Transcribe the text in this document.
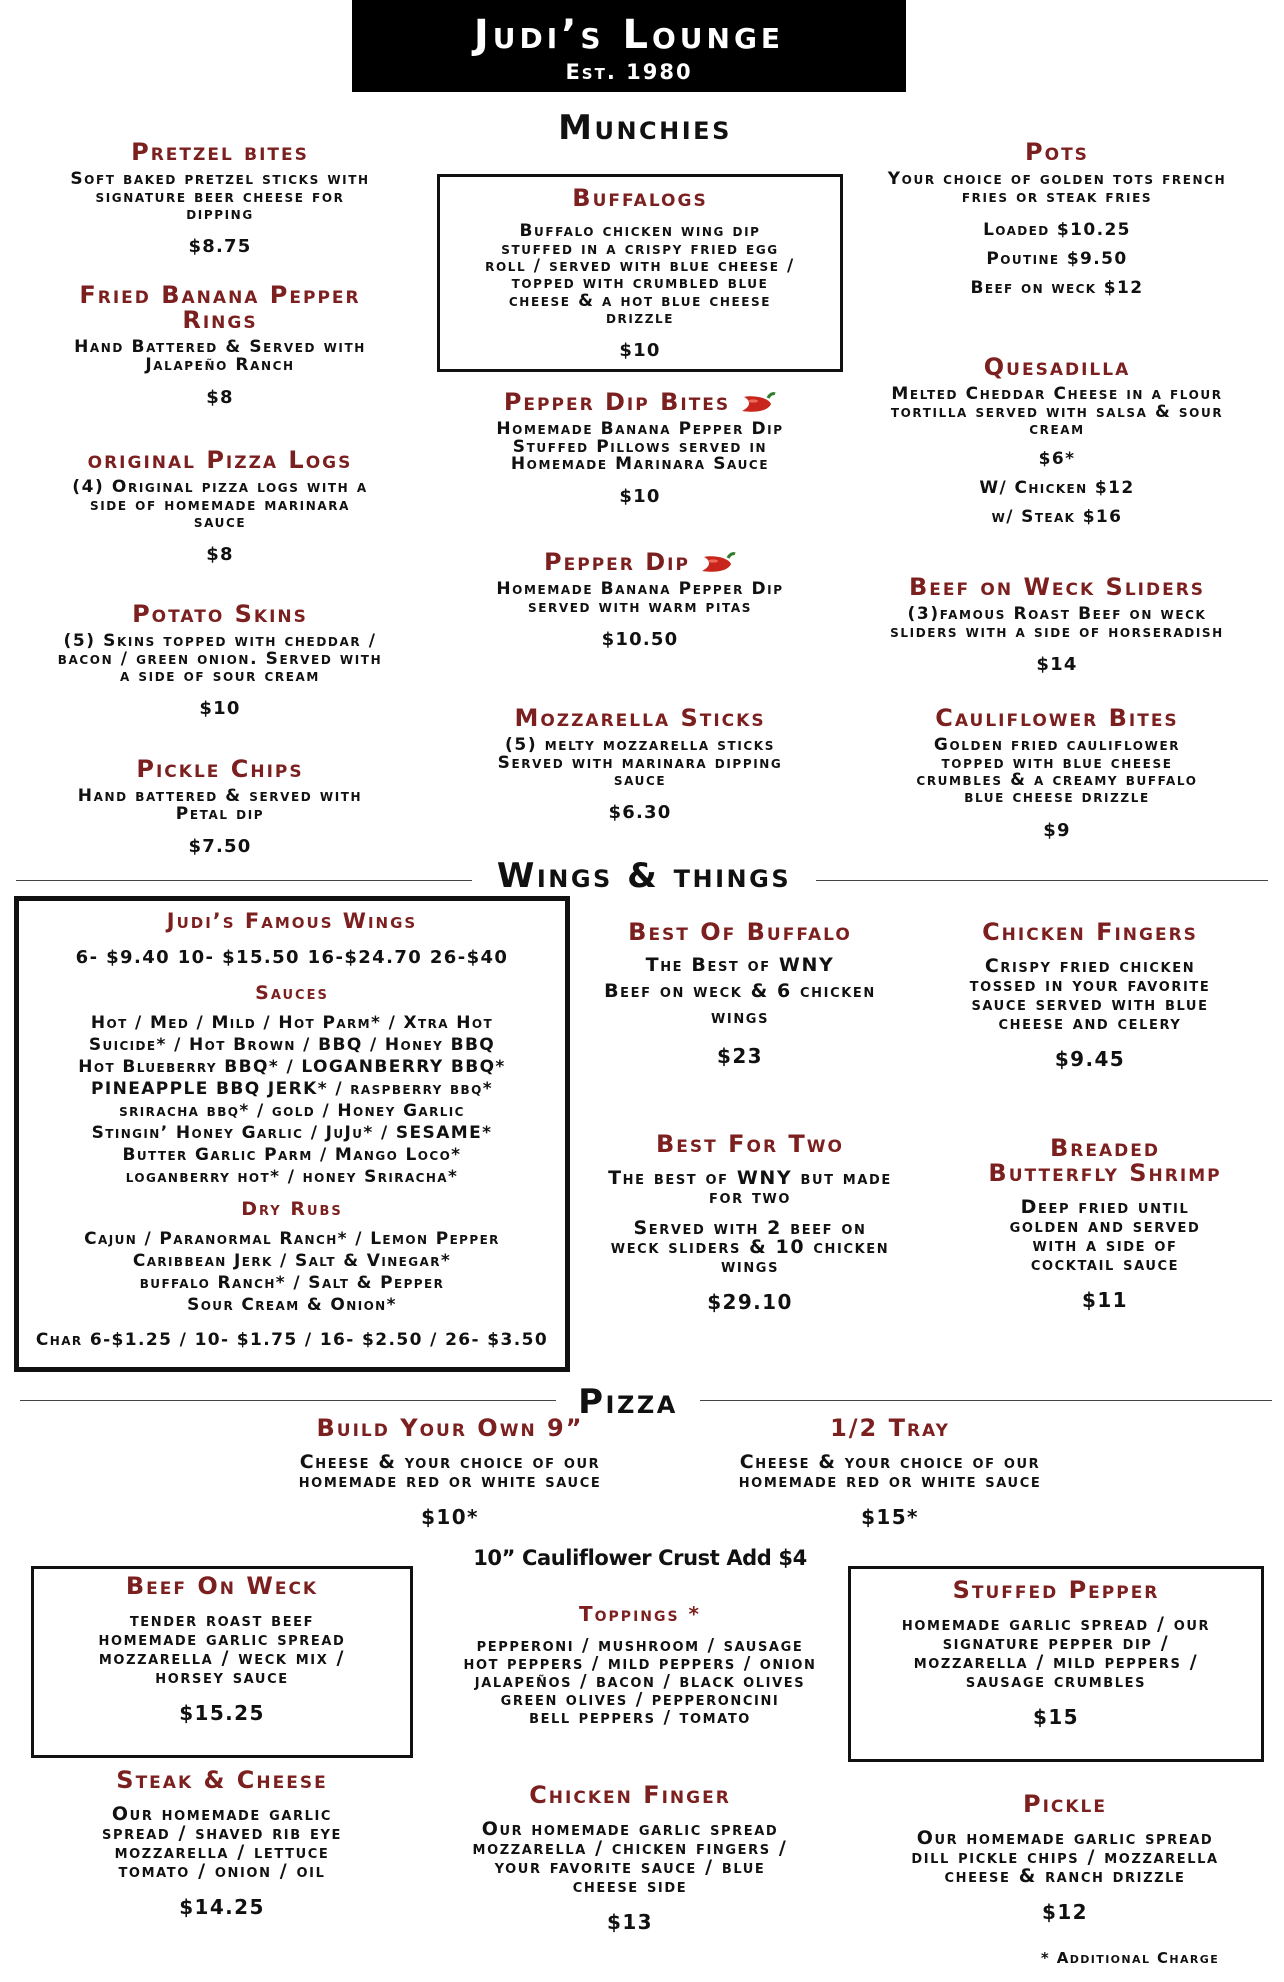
Judi’s Lounge
Est. 1980
Munchies
Pretzel bites
Soft baked pretzel sticks with
signature beer cheese for
dipping
$8.75
Fried Banana Pepper
Rings
Hand Battered & Served with
Jalapeño Ranch
$8
original Pizza Logs
(4) Original pizza logs with a
side of homemade marinara
sauce
$8
Potato Skins
(5) Skins topped with cheddar /
bacon / green onion. Served with
a side of sour cream
$10
Pickle Chips
Hand battered & served with
Petal dip
$7.50
Buffalogs
Buffalo chicken wing dip
stuffed in a crispy fried egg
roll / served with blue cheese /
topped with crumbled blue
cheese & a hot blue cheese
drizzle
$10
Pepper Dip Bites
Homemade Banana Pepper Dip
Stuffed Pillows served in
Homemade Marinara Sauce
$10
Pepper Dip
Homemade Banana Pepper Dip
served with warm pitas
$10.50
Mozzarella Sticks
(5) melty mozzarella sticks
Served with marinara dipping
sauce
$6.30
Pots
Your choice of golden tots french
fries or steak fries
Loaded $10.25
Poutine $9.50
Beef on weck $12
Quesadilla
Melted Cheddar Cheese in a flour
tortilla served with salsa & sour
cream
$6*
W/ Chicken $12
w/ Steak $16
Beef on Weck Sliders
(3)famous Roast Beef on weck
sliders with a side of horseradish
$14
Cauliflower Bites
Golden fried cauliflower
topped with blue cheese
crumbles & a creamy buffalo
blue cheese drizzle
$9
Wings & things
Judi’s Famous Wings
6- $9.40 10- $15.50 16-$24.70 26-$40
Sauces
Hot / Med / Mild / Hot Parm* / Xtra Hot
Suicide* / Hot Brown / BBQ / Honey BBQ
Hot Blueberry BBQ* / LOGANBERRY BBQ*
PINEAPPLE BBQ JERK* / raspberry bbq*
sriracha bbq* / gold / Honey Garlic
Stingin’ Honey Garlic / JuJu* / SESAME*
Butter Garlic Parm / Mango Loco*
loganberry hot* / honey Sriracha*
Dry Rubs
Cajun / Paranormal Ranch* / Lemon Pepper
Caribbean Jerk / Salt & Vinegar*
buffalo Ranch* / Salt & Pepper
Sour Cream & Onion*
Char 6-$1.25 / 10- $1.75 / 16- $2.50 / 26- $3.50
Best Of Buffalo
The Best of WNY
Beef on weck & 6 chicken
wings
$23
Best For Two
The best of WNY but made
for two
Served with 2 beef on
weck sliders & 10 chicken
wings
$29.10
Chicken Fingers
Crispy fried chicken
tossed in your favorite
sauce served with blue
cheese and celery
$9.45
Breaded
Butterfly Shrimp
Deep fried until
golden and served
with a side of
cocktail sauce
$11
Pizza
Build Your Own 9”
Cheese & your choice of our
homemade red or white sauce
$10*
1/2 Tray
Cheese & your choice of our
homemade red or white sauce
$15*
10” Cauliflower Crust Add $4
Beef On Weck
tender roast beef
homemade garlic spread
mozzarella / weck mix /
horsey sauce
$15.25
Toppings *
pepperoni / mushroom / sausage
hot peppers / mild peppers / onion
jalapeños / bacon / black olives
green olives / pepperoncini
bell peppers / tomato
Stuffed Pepper
homemade garlic spread / our
signature pepper dip /
mozzarella / mild peppers /
sausage crumbles
$15
Steak & Cheese
Our homemade garlic
spread / shaved rib eye
mozzarella / lettuce
tomato / onion / oil
$14.25
Chicken Finger
Our homemade garlic spread
mozzarella / chicken fingers /
your favorite sauce / blue
cheese side
$13
Pickle
Our homemade garlic spread
dill pickle chips / mozzarella
cheese & ranch drizzle
$12
* Additional Charge
